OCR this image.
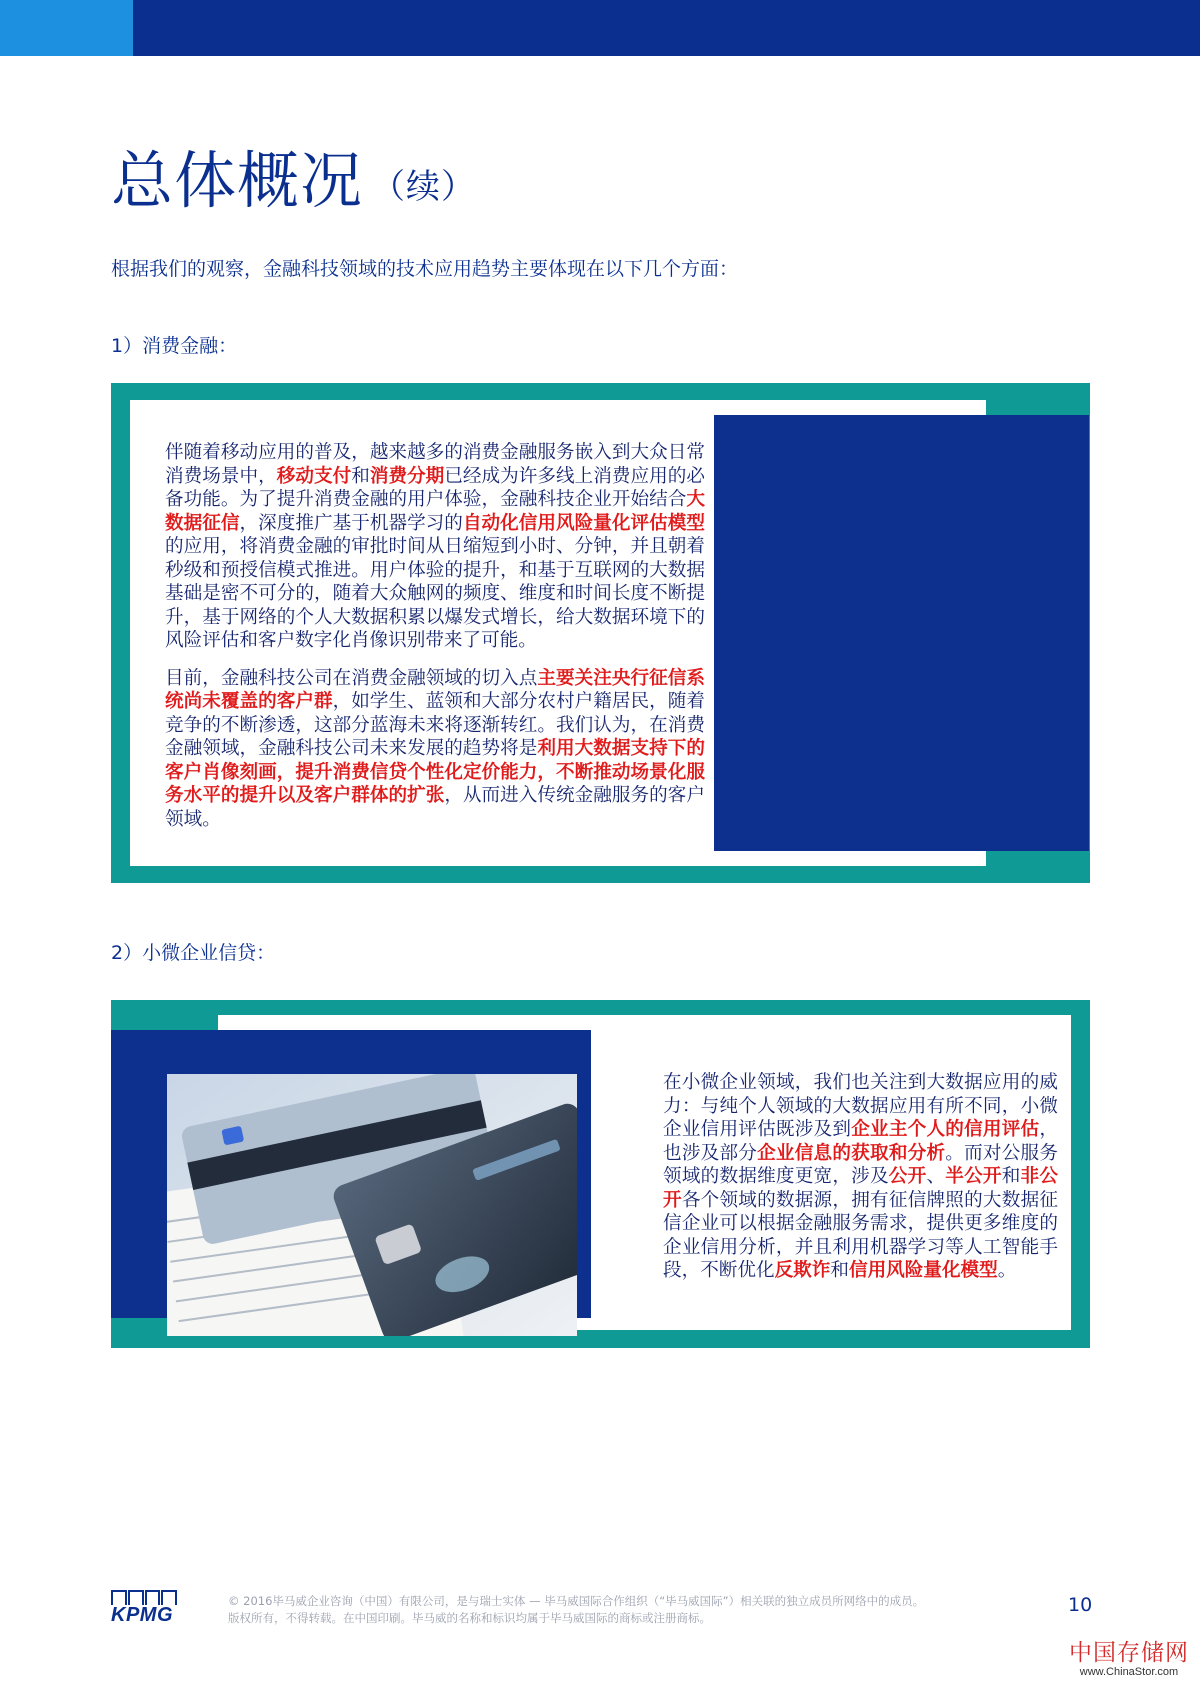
总体概况 （续）
根据我们的观察，金融科技领域的技术应用趋势主要体现在以下几个方面：
1）消费金融：

伴随着移动应用的普及，越来越多的消费金融服务嵌入到大众日常消费场景中，移动支付和消费分期已经成为许多线上消费应用的必备功能。为了提升消费金融的用户体验，金融科技企业开始结合大数据征信，深度推广基于机器学习的自动化信用风险量化评估模型的应用，将消费金融的审批时间从日缩短到小时、分钟，并且朝着秒级和预授信模式推进。用户体验的提升，和基于互联网的大数据基础是密不可分的，随着大众触网的频度、维度和时间长度不断提升，基于网络的个人大数据积累以爆发式增长，给大数据环境下的风险评估和客户数字化肖像识别带来了可能。

目前，金融科技公司在消费金融领域的切入点主要关注央行征信系统尚未覆盖的客户群，如学生、蓝领和大部分农村户籍居民，随着竞争的不断渗透，这部分蓝海未来将逐渐转红。我们认为，在消费金融领域，金融科技公司未来发展的趋势将是利用大数据支持下的客户肖像刻画，提升消费信贷个性化定价能力，不断推动场景化服务水平的提升以及客户群体的扩张，从而进入传统金融服务的客户领域。

2）小微企业信贷：

在小微企业领域，我们也关注到大数据应用的威力：与纯个人领域的大数据应用有所不同，小微企业信用评估既涉及到企业主个人的信用评估，也涉及部分企业信息的获取和分析。而对公服务领域的数据维度更宽，涉及公开、半公开和非公开各个领域的数据源，拥有征信牌照的大数据征信企业可以根据金融服务需求，提供更多维度的企业信用分析，并且利用机器学习等人工智能手段，不断优化反欺诈和信用风险量化模型。

KPMG
© 2016毕马威企业咨询（中国）有限公司，是与瑞士实体 — 毕马威国际合作组织（“毕马威国际”）相关联的独立成员所网络中的成员。
版权所有，不得转载。在中国印刷。毕马威的名称和标识均属于毕马威国际的商标或注册商标。
10
中国存储网
www.ChinaStor.com
